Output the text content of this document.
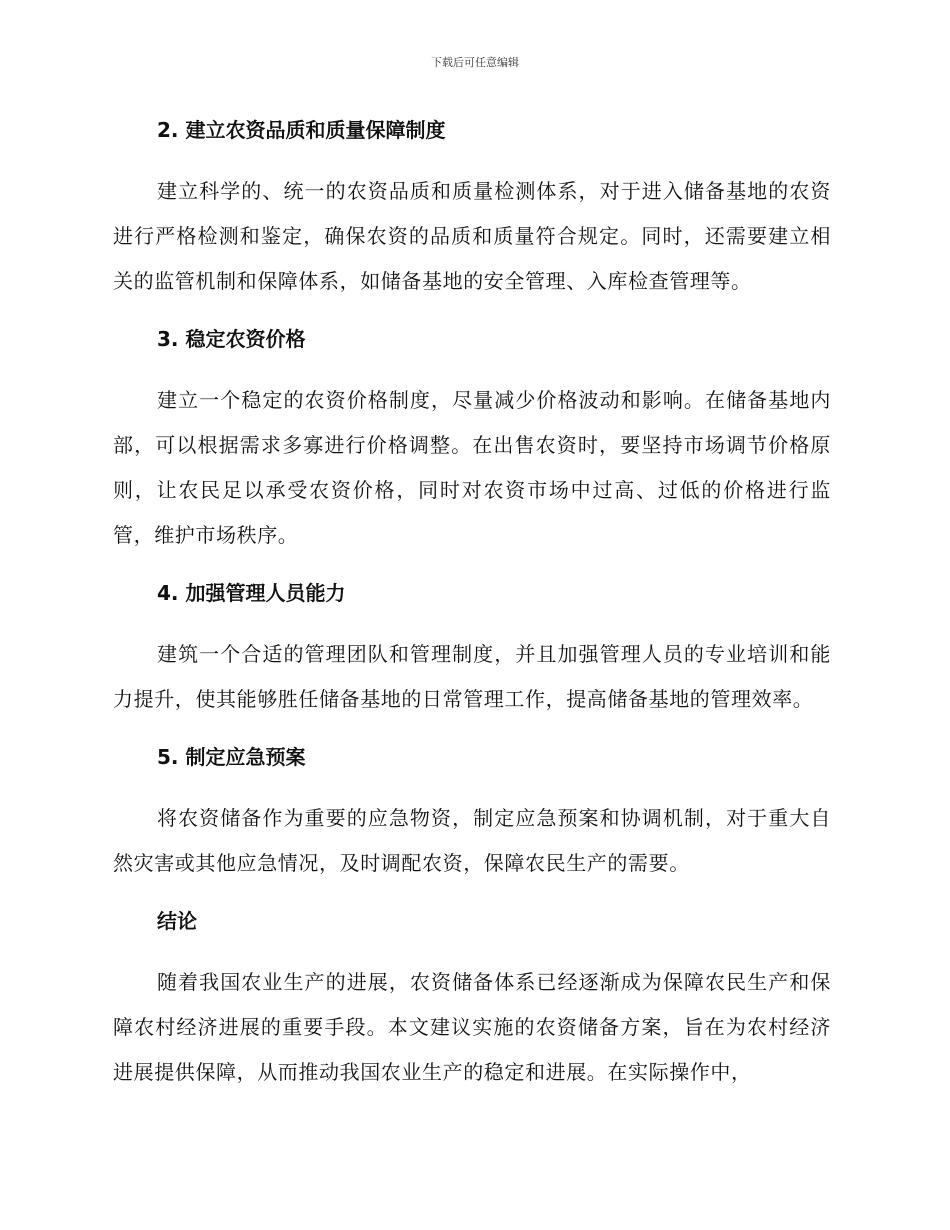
下载后可任意编辑
2. 建立农资品质和质量保障制度

建立科学的、统一的农资品质和质量检测体系，对于进入储备基地的农资进行严格检测和鉴定，确保农资的品质和质量符合规定。同时，还需要建立相关的监管机制和保障体系，如储备基地的安全管理、入库检查管理等。

3. 稳定农资价格

建立一个稳定的农资价格制度，尽量减少价格波动和影响。在储备基地内部，可以根据需求多寡进行价格调整。在出售农资时，要坚持市场调节价格原则，让农民足以承受农资价格，同时对农资市场中过高、过低的价格进行监管，维护市场秩序。

4. 加强管理人员能力

建筑一个合适的管理团队和管理制度，并且加强管理人员的专业培训和能力提升，使其能够胜任储备基地的日常管理工作，提高储备基地的管理效率。

5. 制定应急预案

将农资储备作为重要的应急物资，制定应急预案和协调机制，对于重大自然灾害或其他应急情况，及时调配农资，保障农民生产的需要。

结论

随着我国农业生产的进展，农资储备体系已经逐渐成为保障农民生产和保障农村经济进展的重要手段。本文建议实施的农资储备方案，旨在为农村经济进展提供保障，从而推动我国农业生产的稳定和进展。在实际操作中，
